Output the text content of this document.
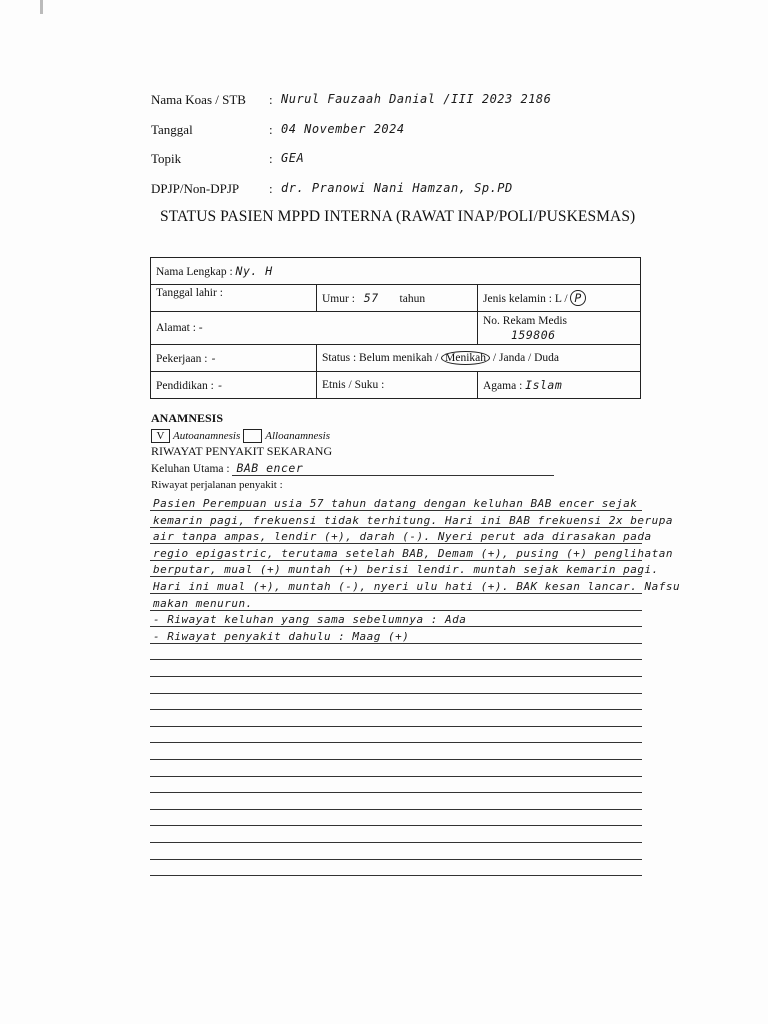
Nama Koas / STB : Nurul Fauzaah Danial /III 2023 2186
Tanggal	: 04 November 2024
Topik	: GEA
DPJP/Non-DPJP : dr. Pranowi Nani Hamzan, Sp.PD
STATUS PASIEN MPPD INTERNA (RAWAT INAP/POLI/PUSKESMAS)
Nama Lengkap : Ny. H		
Tanggal lahir :	Umur : 57 tahun	Jenis kelamin : L / P
Alamat : -		No. Rekam Medis
159806

Pekerjaan : -	Status : Belum menikah / Menikah / Janda / Duda	
Pendidikan : -	Etnis / Suku :	Agama : Islam
ANAMNESIS
V Autoanamnesis Alloanamnesis
RIWAYAT PENYAKIT SEKARANG
Keluhan Utama : BAB encer
Riwayat perjalanan penyakit :
Pasien Perempuan usia 57 tahun datang dengan keluhan BAB encer sejak
kemarin pagi, frekuensi tidak terhitung. Hari ini BAB frekuensi 2x berupa
air tanpa ampas, lendir (+), darah (-). Nyeri perut ada dirasakan pada
regio epigastric, terutama setelah BAB, Demam (+), pusing (+) penglihatan
berputar, mual (+) muntah (+) berisi lendir. muntah sejak kemarin pagi.
Hari ini mual (+), muntah (-), nyeri ulu hati (+). BAK kesan lancar. Nafsu
makan menurun.
- Riwayat keluhan yang sama sebelumnya : Ada
- Riwayat penyakit dahulu : Maag (+)
